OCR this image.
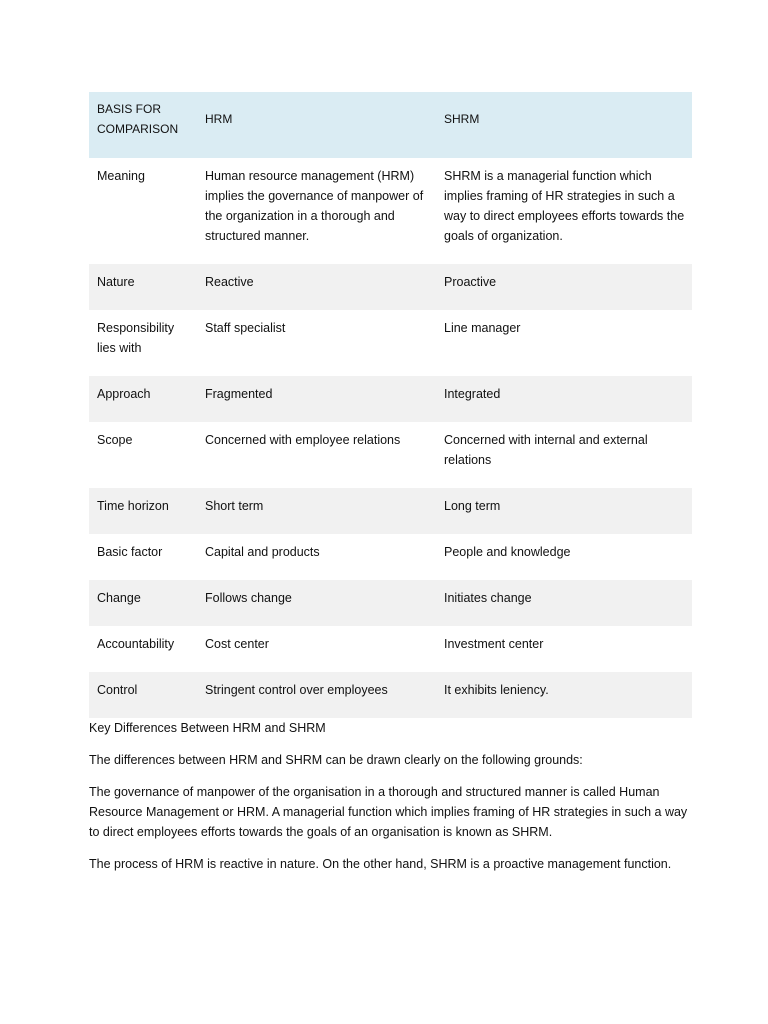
BASIS FOR COMPARISON	HRM	SHRM
Meaning	Human resource management (HRM) implies the governance of manpower of the organization in a thorough and structured manner.	SHRM is a managerial function which implies framing of HR strategies in such a way to direct employees efforts towards the goals of organization.
Nature	Reactive	Proactive
Responsibility lies with	Staff specialist	Line manager
Approach	Fragmented	Integrated
Scope	Concerned with employee relations	Concerned with internal and external relations
Time horizon	Short term	Long term
Basic factor	Capital and products	People and knowledge
Change	Follows change	Initiates change
Accountability	Cost center	Investment center
Control	Stringent control over employees	It exhibits leniency.

Key Differences Between HRM and SHRM

The differences between HRM and SHRM can be drawn clearly on the following grounds:

The governance of manpower of the organisation in a thorough and structured manner is called Human Resource Management or HRM. A managerial function which implies framing of HR strategies in such a way to direct employees efforts towards the goals of an organisation is known as SHRM.

The process of HRM is reactive in nature. On the other hand, SHRM is a proactive management function.
